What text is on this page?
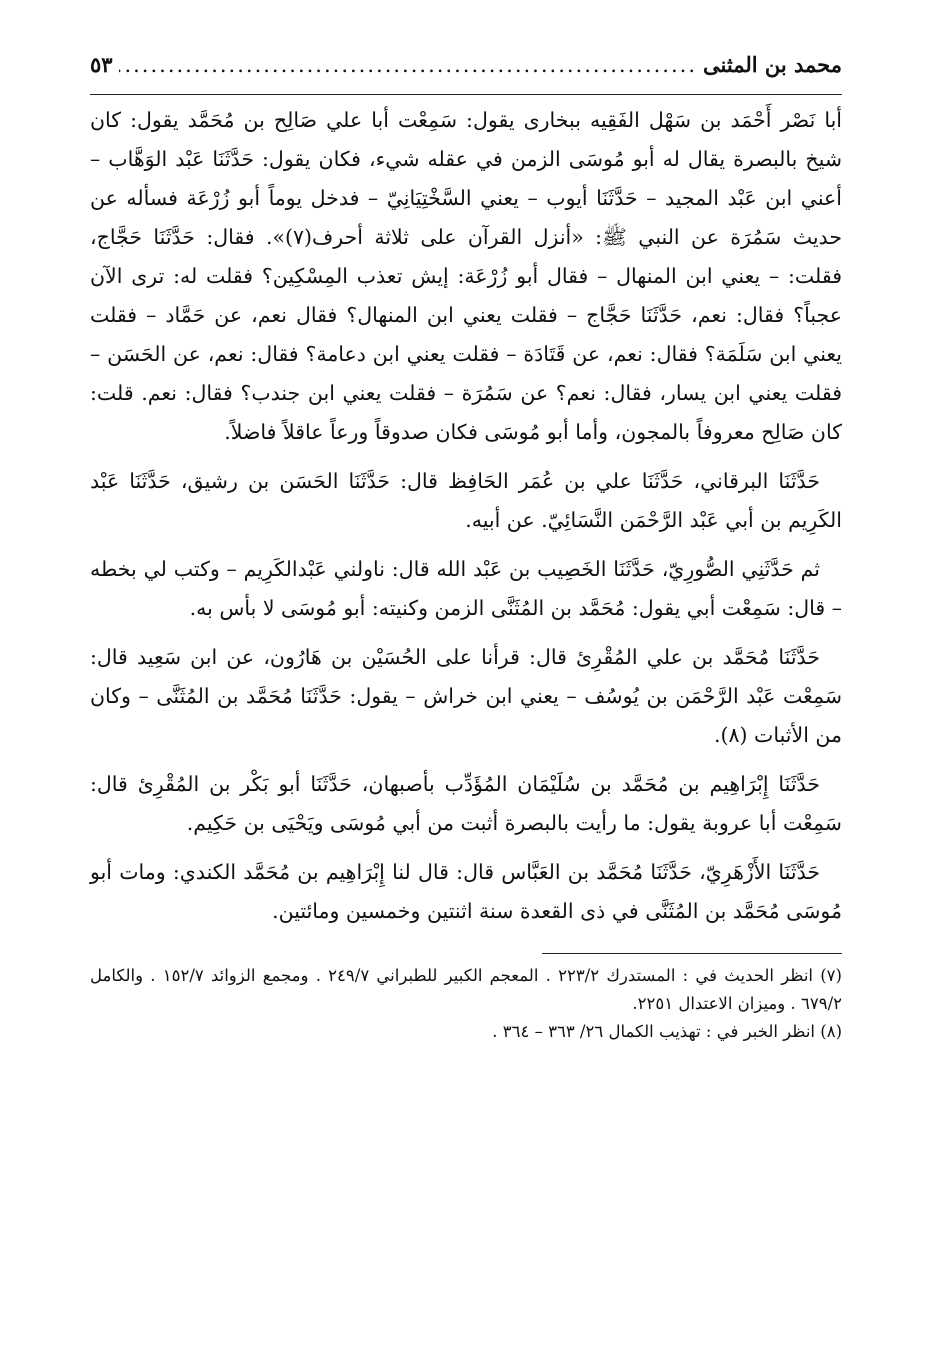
محمد بن المثنى
.....
٥٣

أبا نَصْر أَحْمَد بن سَهْل الفَقِيه ببخارى يقول: سَمِعْت أبا علي صَالِح بن مُحَمَّد يقول: كان شيخ بالبصرة يقال له أبو مُوسَى الزمن في عقله شيء، فكان يقول: حَدَّثَنَا عَبْد الوَهَّاب – أعني ابن عَبْد المجيد – حَدَّثَنَا أيوب – يعني السَّخْتِيَانِيّ – فدخل يوماً أبو زُرْعَة فسأله عن حديث سَمُرَة عن النبي ﷺ: «أنزل القرآن على ثلاثة أحرف(٧)». فقال: حَدَّثَنَا حَجَّاج، فقلت: – يعني ابن المنهال – فقال أبو زُرْعَة: إيش تعذب المِسْكِين؟ فقلت له: ترى الآن عجباً؟ فقال: نعم، حَدَّثَنَا حَجَّاج – فقلت يعني ابن المنهال؟ فقال نعم، عن حَمَّاد – فقلت يعني ابن سَلَمَة؟ فقال: نعم، عن قَتَادَة – فقلت يعني ابن دعامة؟ فقال: نعم، عن الحَسَن – فقلت يعني ابن يسار، فقال: نعم؟ عن سَمُرَة – فقلت يعني ابن جندب؟ فقال: نعم. قلت: كان صَالِح معروفاً بالمجون، وأما أبو مُوسَى فكان صدوقاً ورعاً عاقلاً فاضلاً.

حَدَّثَنَا البرقاني، حَدَّثَنَا علي بن عُمَر الحَافِظ قال: حَدَّثَنَا الحَسَن بن رشيق، حَدَّثَنَا عَبْد الكَرِيم بن أبي عَبْد الرَّحْمَن النَّسَائِيّ. عن أبيه.

ثم حَدَّثَنِي الصُّورِيّ، حَدَّثَنَا الخَصِيب بن عَبْد الله قال: ناولني عَبْدالكَرِيم – وكتب لي بخطه – قال: سَمِعْت أبي يقول: مُحَمَّد بن المُثَنَّى الزمن وكنيته: أبو مُوسَى لا بأس به.

حَدَّثَنَا مُحَمَّد بن علي المُقْرِئ قال: قرأنا على الحُسَيْن بن هَارُون، عن ابن سَعِيد قال: سَمِعْت عَبْد الرَّحْمَن بن يُوسُف – يعني ابن خراش – يقول: حَدَّثَنَا مُحَمَّد بن المُثَنَّى – وكان من الأثبات (٨).

حَدَّثَنَا إِبْرَاهِيم بن مُحَمَّد بن سُلَيْمَان المُؤَدِّب بأصبهان، حَدَّثَنَا أبو بَكْر بن المُقْرِئ قال: سَمِعْت أبا عروبة يقول: ما رأيت بالبصرة أثبت من أبي مُوسَى ويَحْيَى بن حَكِيم.

حَدَّثَنَا الأَزْهَرِيّ، حَدَّثَنَا مُحَمَّد بن العَبَّاس قال: قال لنا إِبْرَاهِيم بن مُحَمَّد الكندي: ومات أبو مُوسَى مُحَمَّد بن المُثَنَّى في ذى القعدة سنة اثنتين وخمسين ومائتين.

(٧) انظر الحديث في : المستدرك ٢٢٣/٢ . المعجم الكبير للطبراني ٢٤٩/٧ . ومجمع الزوائد ١٥٢/٧ . والكامل ٦٧٩/٢ . وميزان الاعتدال ٢٢٥١.

(٨) انظر الخبر في : تهذيب الكمال ٢٦/ ٣٦٣ – ٣٦٤ .
